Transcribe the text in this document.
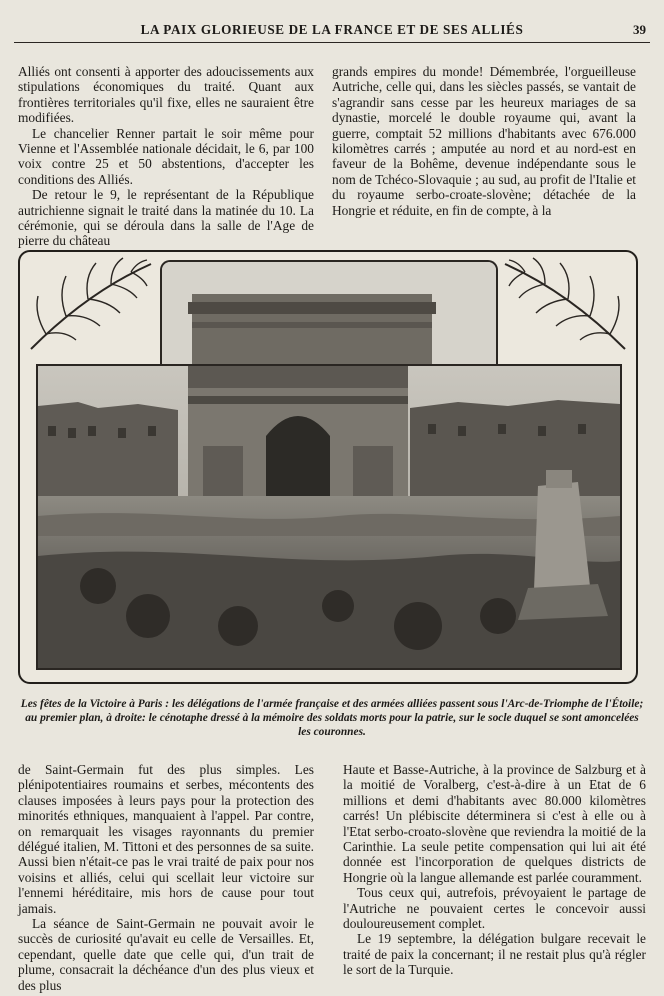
LA PAIX GLORIEUSE DE LA FRANCE ET DE SES ALLIÉS	39

Alliés ont consenti à apporter des adoucissements aux stipulations économiques du traité. Quant aux frontières territoriales qu'il fixe, elles ne sauraient être modifiées.

Le chancelier Renner partait le soir même pour Vienne et l'Assemblée nationale décidait, le 6, par 100 voix contre 25 et 50 abstentions, d'accepter les conditions des Alliés.

De retour le 9, le représentant de la République autrichienne signait le traité dans la matinée du 10. La cérémonie, qui se déroula dans la salle de l'Age de pierre du château

grands empires du monde! Démembrée, l'orgueilleuse Autriche, celle qui, dans les siècles passés, se vantait de s'agrandir sans cesse par les heureux mariages de sa dynastie, morcelé le double royaume qui, avant la guerre, comptait 52 millions d'habitants avec 676.000 kilomètres carrés ; amputée au nord et au nord-est en faveur de la Bohême, devenue indépendante sous le nom de Tchéco-Slovaquie ; au sud, au profit de l'Italie et du royaume serbo-croate-slovène; détachée de la Hongrie et réduite, en fin de compte, à la

Les fêtes de la Victoire à Paris : les délégations de l'armée française et des armées alliées passent sous l'Arc-de-Triomphe de l'Étoile; au premier plan, à droite: le cénotaphe dressé à la mémoire des soldats morts pour la patrie, sur le socle duquel se sont amoncelées les couronnes.

de Saint-Germain fut des plus simples. Les plénipotentiaires roumains et serbes, mécontents des clauses imposées à leurs pays pour la protection des minorités ethniques, manquaient à l'appel. Par contre, on remarquait les visages rayonnants du premier délégué italien, M. Tittoni et des personnes de sa suite. Aussi bien n'était-ce pas le vrai traité de paix pour nos voisins et alliés, celui qui scellait leur victoire sur l'ennemi héréditaire, mis hors de cause pour tout jamais.

La séance de Saint-Germain ne pouvait avoir le succès de curiosité qu'avait eu celle de Versailles. Et, cependant, quelle date que celle qui, d'un trait de plume, consacrait la déchéance d'un des plus vieux et des plus

Haute et Basse-Autriche, à la province de Salzburg et à la moitié de Voralberg, c'est-à-dire à un Etat de 6 millions et demi d'habitants avec 80.000 kilomètres carrés! Un plébiscite déterminera si c'est à elle ou à l'Etat serbo-croato-slovène que reviendra la moitié de la Carinthie. La seule petite compensation qui lui ait été donnée est l'incorporation de quelques districts de Hongrie où la langue allemande est parlée couramment.

Tous ceux qui, autrefois, prévoyaient le partage de l'Autriche ne pouvaient certes le concevoir aussi douloureusement complet.

Le 19 septembre, la délégation bulgare recevait le traité de paix la concernant; il ne restait plus qu'à régler le sort de la Turquie.
